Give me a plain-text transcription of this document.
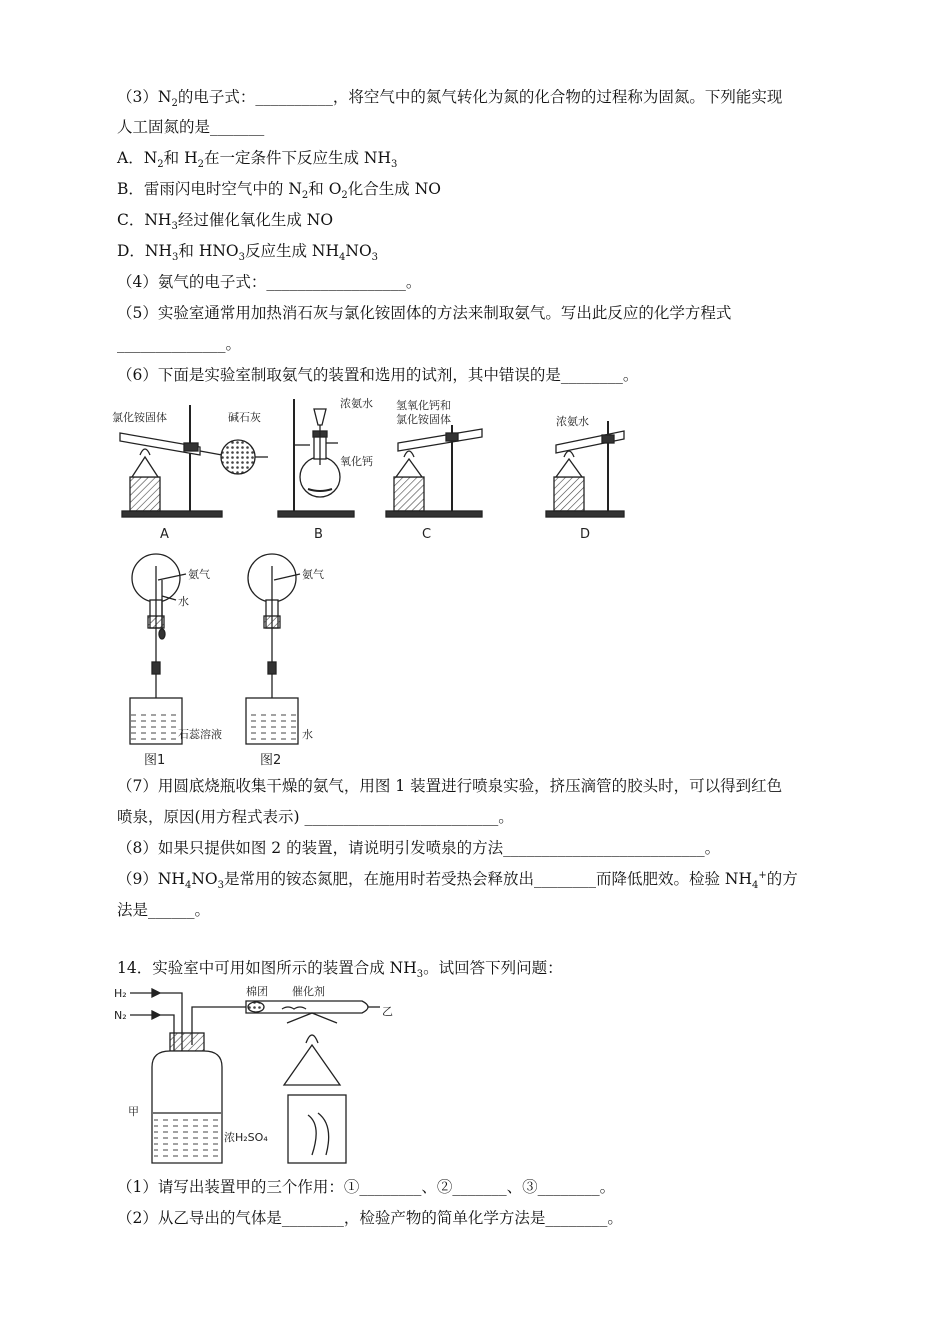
$(3)N_2$的电子式：__________，将空气中的氮气转化为氮的化合物的过程称为固氮。下列能实现
人工固氮的是_______
A．$N_2$和 $H_2$在一定条件下反应生成 $NH_3$
B．雷雨闪电时空气中的 $N_2$和 $O_2$化合生成 NO
C．$NH_3$经过催化氧化生成 NO
D．$NH_3$和 $HNO_3$反应生成 $NH_4NO_3$
（4）氨气的电子式：__________________。
（5）实验室通常用加热消石灰与氯化铵固体的方法来制取氨气。写出此反应的化学方程式
______________。
（6）下面是实验室制取氨气的装置和选用的试剂，其中错误的是________。
氯化铵固体	碱石灰
A
浓氨水
氧化钙
B
氢氧化钙和
氯化铵固体
C
浓氨水
D
氨气
水
石蕊溶液
图1
氨气
水
图2
（7）用圆底烧瓶收集干燥的氨气，用图 1 装置进行喷泉实验，挤压滴管的胶头时，可以得到红色
喷泉，原因(用方程式表示) _________________________。
（8）如果只提供如图 2 的装置，请说明引发喷泉的方法__________________________。
$(9)NH_4NO_3$是常用的铵态氮肥，在施用时若受热会释放出________而降低肥效。检验 $NH_4^+$的方
法是______。
14．实验室中可用如图所示的装置合成 $NH_3$。试回答下列问题：
H₂
N₂
棉团 催化剂
乙
甲
浓H₂SO₄
（1）请写出装置甲的三个作用：①________、②_______、③________。
（2）从乙导出的气体是________，检验产物的简单化学方法是________。
